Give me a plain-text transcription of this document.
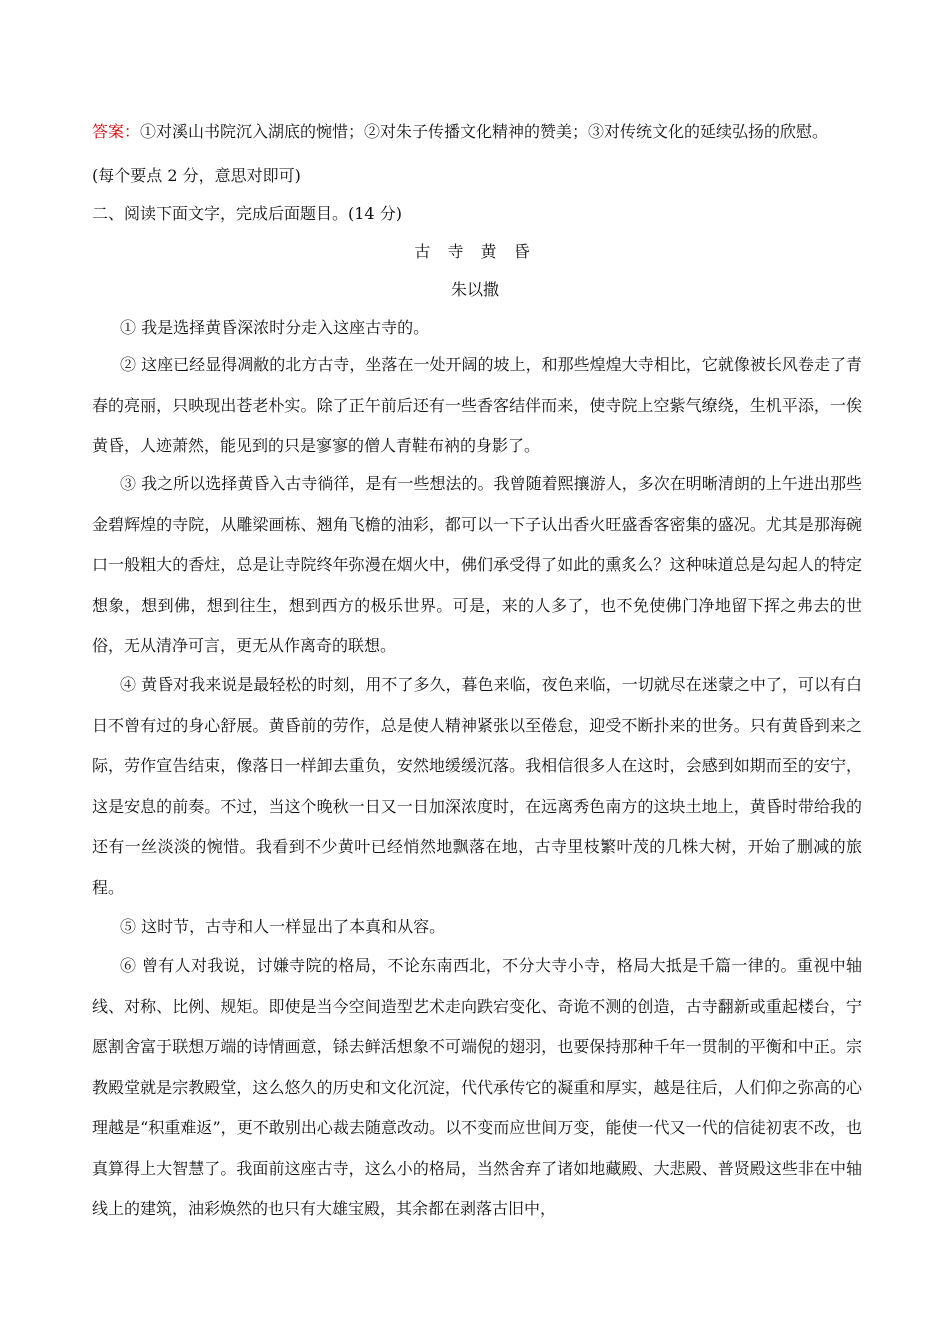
答案：①对溪山书院沉入湖底的惋惜；②对朱子传播文化精神的赞美；③对传统文化的延续弘扬的欣慰。
(每个要点 2 分，意思对即可)
二、阅读下面文字，完成后面题目。(14 分)
古 寺 黄 昏
朱以撒
① 我是选择黄昏深浓时分走入这座古寺的。
② 这座已经显得凋敝的北方古寺，坐落在一处开阔的坡上，和那些煌煌大寺相比，它就像被长风卷走了青春的亮丽，只映现出苍老朴实。除了正午前后还有一些香客结伴而来，使寺院上空紫气缭绕，生机平添，一俟黄昏，人迹萧然，能见到的只是寥寥的僧人青鞋布衲的身影了。
③ 我之所以选择黄昏入古寺徜徉，是有一些想法的。我曾随着熙攘游人，多次在明晰清朗的上午进出那些金碧辉煌的寺院，从雕梁画栋、翘角飞檐的油彩，都可以一下子认出香火旺盛香客密集的盛况。尤其是那海碗口一般粗大的香炷，总是让寺院终年弥漫在烟火中，佛们承受得了如此的熏炙么？这种味道总是勾起人的特定想象，想到佛，想到往生，想到西方的极乐世界。可是，来的人多了，也不免使佛门净地留下挥之弗去的世俗，无从清净可言，更无从作离奇的联想。
④ 黄昏对我来说是最轻松的时刻，用不了多久，暮色来临，夜色来临，一切就尽在迷蒙之中了，可以有白日不曾有过的身心舒展。黄昏前的劳作，总是使人精神紧张以至倦怠，迎受不断扑来的世务。只有黄昏到来之际，劳作宣告结束，像落日一样卸去重负，安然地缓缓沉落。我相信很多人在这时，会感到如期而至的安宁，这是安息的前奏。不过，当这个晚秋一日又一日加深浓度时，在远离秀色南方的这块土地上，黄昏时带给我的还有一丝淡淡的惋惜。我看到不少黄叶已经悄然地飘落在地，古寺里枝繁叶茂的几株大树，开始了删减的旅程。
⑤ 这时节，古寺和人一样显出了本真和从容。
⑥ 曾有人对我说，讨嫌寺院的格局，不论东南西北，不分大寺小寺，格局大抵是千篇一律的。重视中轴线、对称、比例、规矩。即使是当今空间造型艺术走向跌宕变化、奇诡不测的创造，古寺翻新或重起楼台，宁愿割舍富于联想万端的诗情画意，铩去鲜活想象不可端倪的翅羽，也要保持那种千年一贯制的平衡和中正。宗教殿堂就是宗教殿堂，这么悠久的历史和文化沉淀，代代承传它的凝重和厚实，越是往后，人们仰之弥高的心理越是“积重难返”，更不敢别出心裁去随意改动。以不变而应世间万变，能使一代又一代的信徒初衷不改，也真算得上大智慧了。我面前这座古寺，这么小的格局，当然舍弃了诸如地藏殿、大悲殿、普贤殿这些非在中轴线上的建筑，油彩焕然的也只有大雄宝殿，其余都在剥落古旧中，
